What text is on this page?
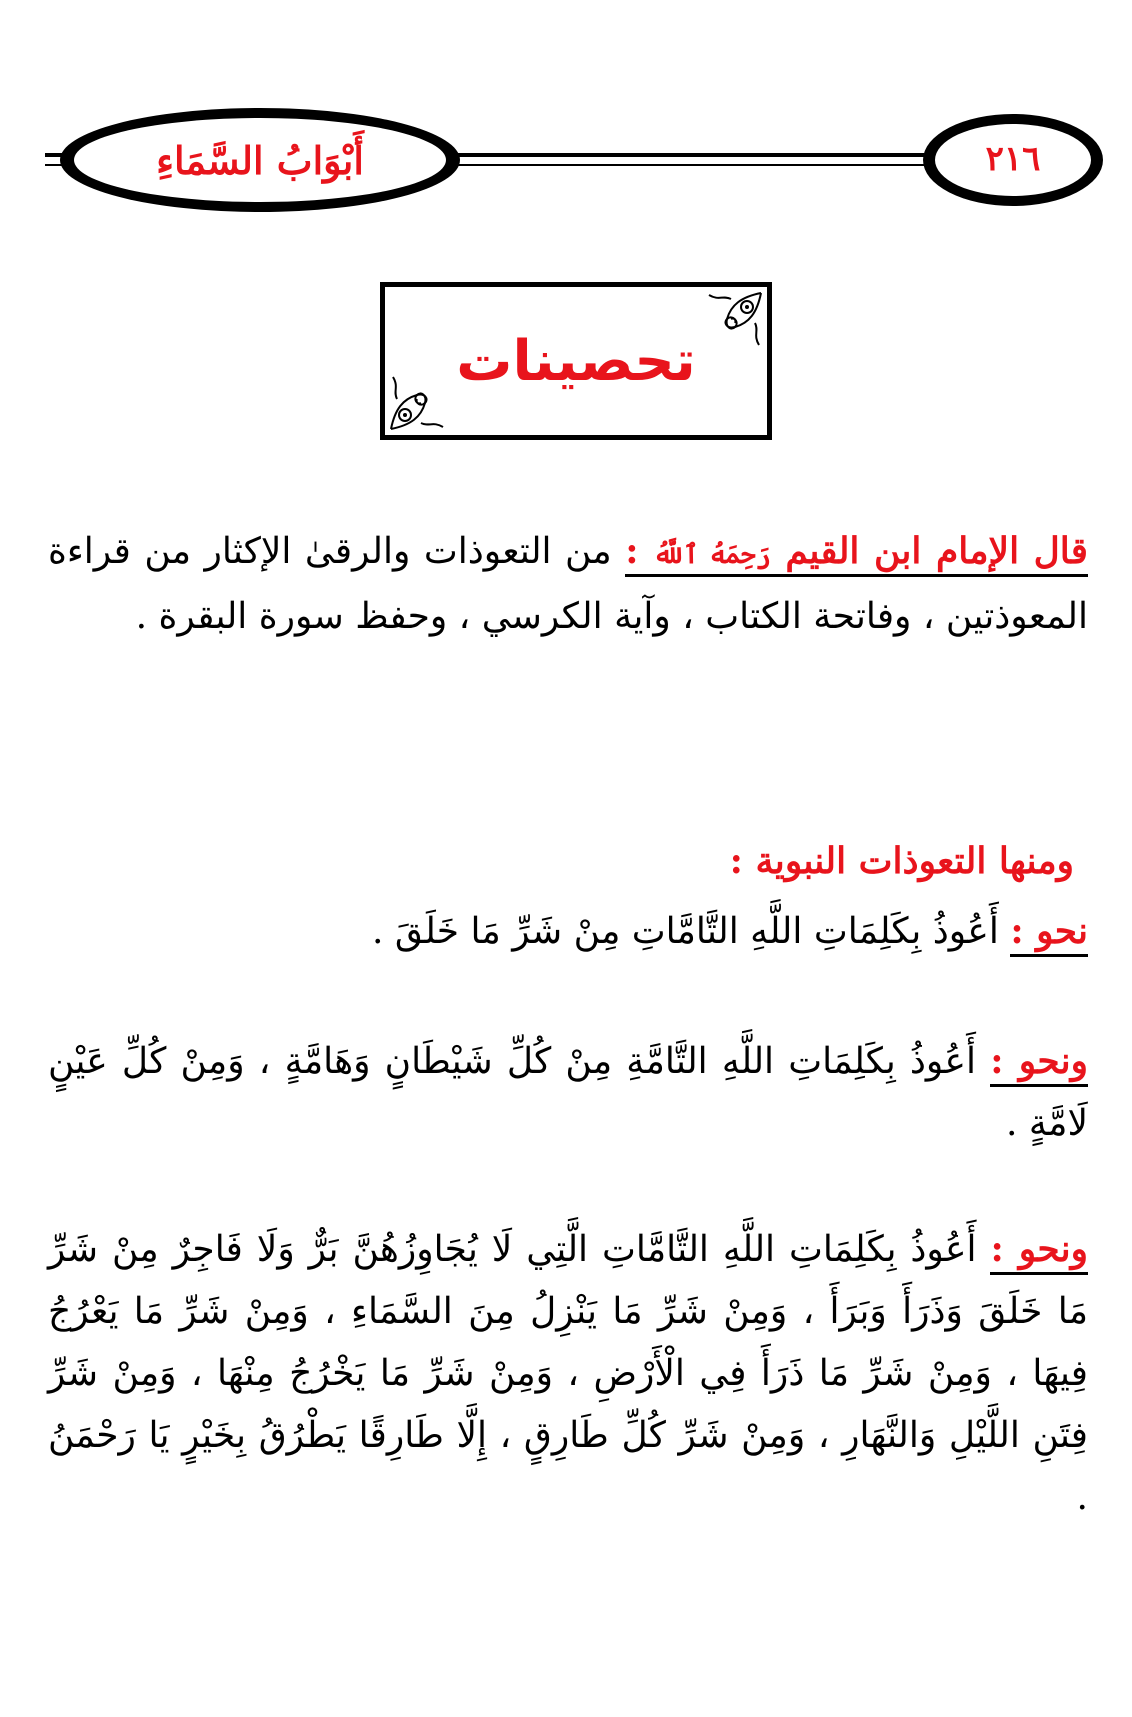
أَبْوَابُ السَّمَاءِ	٢١٦
تحصينات

قال الإمام ابن القيم رَحِمَهُ ٱللَّهُ : من التعوذات والرقىٰ الإكثار من قراءة المعوذتين ، وفاتحة الكتاب ، وآية الكرسي ، وحفظ سورة البقرة .

ومنها التعوذات النبوية :

نحو : أَعُوذُ بِكَلِمَاتِ اللَّهِ التَّامَّاتِ مِنْ شَرِّ مَا خَلَقَ .

ونحو : أَعُوذُ بِكَلِمَاتِ اللَّهِ التَّامَّةِ مِنْ كُلِّ شَيْطَانٍ وَهَامَّةٍ ، وَمِنْ كُلِّ عَيْنٍ لَامَّةٍ .

ونحو : أَعُوذُ بِكَلِمَاتِ اللَّهِ التَّامَّاتِ الَّتِي لَا يُجَاوِزُهُنَّ بَرٌّ وَلَا فَاجِرٌ مِنْ شَرِّ مَا خَلَقَ وَذَرَأَ وَبَرَأَ ، وَمِنْ شَرِّ مَا يَنْزِلُ مِنَ السَّمَاءِ ، وَمِنْ شَرِّ مَا يَعْرُجُ فِيهَا ، وَمِنْ شَرِّ مَا ذَرَأَ فِي الْأَرْضِ ، وَمِنْ شَرِّ مَا يَخْرُجُ مِنْهَا ، وَمِنْ شَرِّ فِتَنِ اللَّيْلِ وَالنَّهَارِ ، وَمِنْ شَرِّ كُلِّ طَارِقٍ ، إِلَّا طَارِقًا يَطْرُقُ بِخَيْرٍ يَا رَحْمَنُ .
